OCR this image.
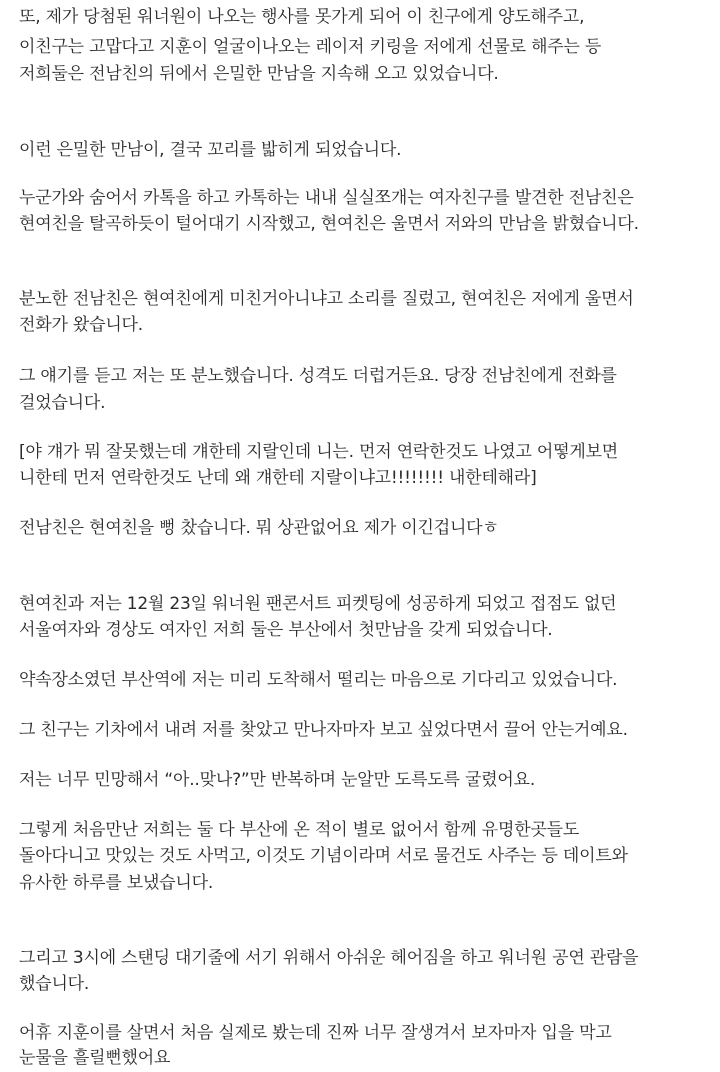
또, 제가 당첨된 워너원이 나오는 행사를 못가게 되어 이 친구에게 양도해주고,
이친구는 고맙다고 지훈이 얼굴이나오는 레이저 키링을 저에게 선물로 해주는 등
저희둘은 전남친의 뒤에서 은밀한 만남을 지속해 오고 있었습니다.
이런 은밀한 만남이, 결국 꼬리를 밟히게 되었습니다.
누군가와 숨어서 카톡을 하고 카톡하는 내내 실실쪼개는 여자친구를 발견한 전남친은
현여친을 탈곡하듯이 털어대기 시작했고, 현여친은 울면서 저와의 만남을 밝혔습니다.
분노한 전남친은 현여친에게 미친거아니냐고 소리를 질렀고, 현여친은 저에게 울면서
전화가 왔습니다.
그 얘기를 듣고 저는 또 분노했습니다. 성격도 더럽거든요. 당장 전남친에게 전화를
걸었습니다.
[야 걔가 뭐 잘못했는데 걔한테 지랄인데 니는. 먼저 연락한것도 나였고 어떻게보면
니한테 먼저 연락한것도 난데 왜 걔한테 지랄이냐고!!!!!!!! 내한테해라]
전남친은 현여친을 뻥 찼습니다. 뭐 상관없어요 제가 이긴겁니다ㅎ
현여친과 저는 12월 23일 워너원 팬콘서트 피켓팅에 성공하게 되었고 접점도 없던
서울여자와 경상도 여자인 저희 둘은 부산에서 첫만남을 갖게 되었습니다.
약속장소였던 부산역에 저는 미리 도착해서 떨리는 마음으로 기다리고 있었습니다.
그 친구는 기차에서 내려 저를 찾았고 만나자마자 보고 싶었다면서 끌어 안는거예요.
저는 너무 민망해서 “아..맞나?”만 반복하며 눈알만 도륵도륵 굴렸어요.
그렇게 처음만난 저희는 둘 다 부산에 온 적이 별로 없어서 함께 유명한곳들도
돌아다니고 맛있는 것도 사먹고, 이것도 기념이라며 서로 물건도 사주는 등 데이트와
유사한 하루를 보냈습니다.
그리고 3시에 스탠딩 대기줄에 서기 위해서 아쉬운 헤어짐을 하고 워너원 공연 관람을
했습니다.
어휴 지훈이를 살면서 처음 실제로 봤는데 진짜 너무 잘생겨서 보자마자 입을 막고
눈물을 흘릴뻔했어요
